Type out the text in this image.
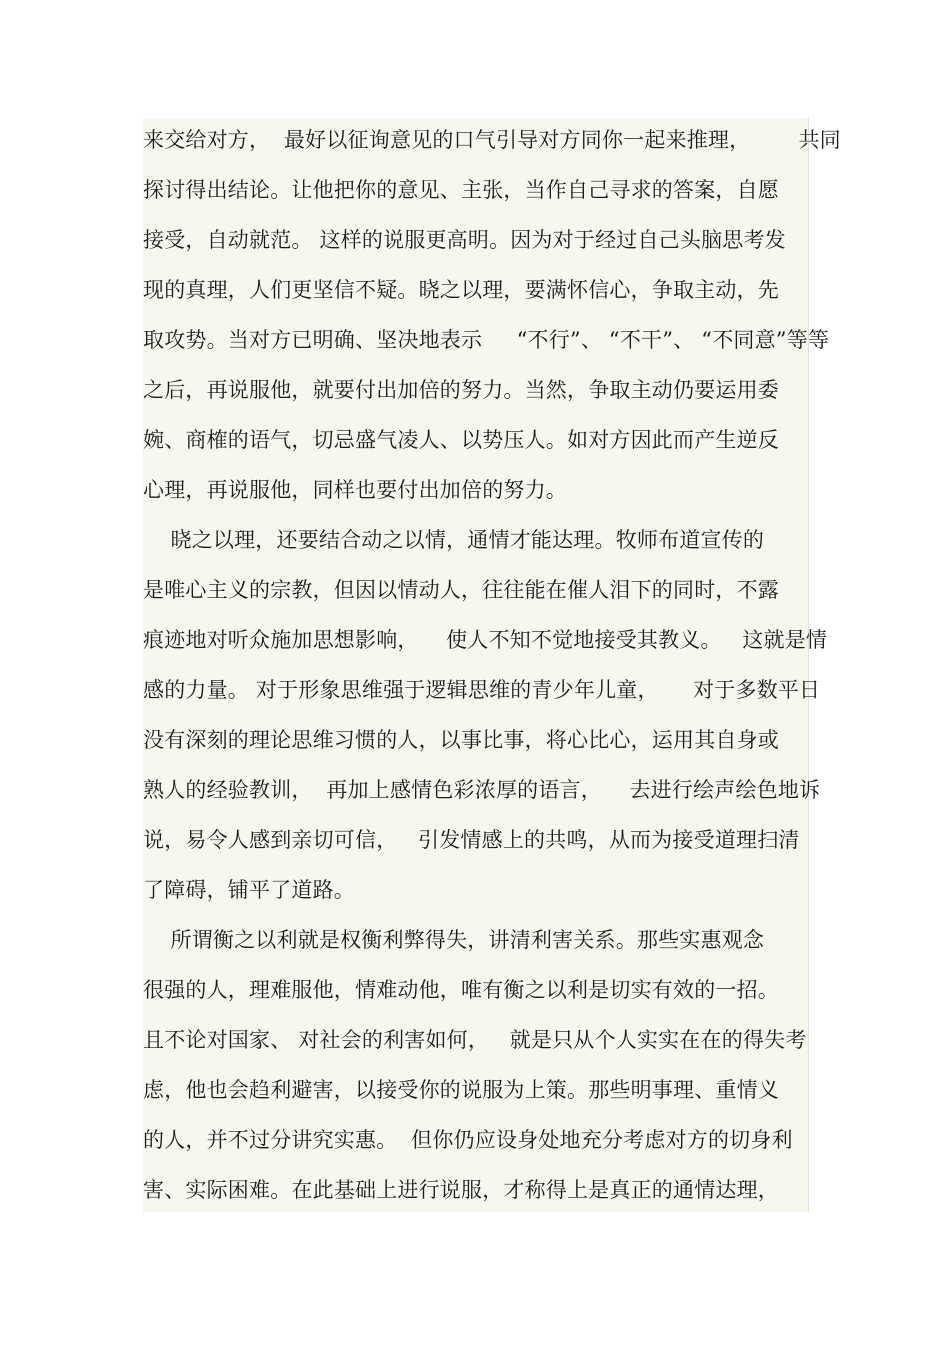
来交给对方，  最好以征询意见的口气引导对方同你一起来推理，       共同
探讨得出结论。让他把你的意见、主张，当作自己寻求的答案，自愿
接受，自动就范。 这样的说服更高明。因为对于经过自己头脑思考发
现的真理，人们更坚信不疑。晓之以理，要满怀信心，争取主动，先
取攻势。当对方已明确、坚决地表示     “不行”、 “不干”、 “不同意”等等
之后，再说服他，就要付出加倍的努力。当然，争取主动仍要运用委
婉、商榷的语气，切忌盛气凌人、以势压人。如对方因此而产生逆反
心理，再说服他，同样也要付出加倍的努力。
晓之以理，还要结合动之以情，通情才能达理。牧师布道宣传的
是唯心主义的宗教，但因以情动人，往往能在催人泪下的同时，不露
痕迹地对听众施加思想影响，    使人不知不觉地接受其教义。   这就是情
感的力量。 对于形象思维强于逻辑思维的青少年儿童，     对于多数平日
没有深刻的理论思维习惯的人，以事比事，将心比心，运用其自身或
熟人的经验教训，  再加上感情色彩浓厚的语言，    去进行绘声绘色地诉
说，易令人感到亲切可信，   引发情感上的共鸣，从而为接受道理扫清
了障碍，铺平了道路。
所谓衡之以利就是权衡利弊得失，讲清利害关系。那些实惠观念
很强的人，理难服他，情难动他，唯有衡之以利是切实有效的一招。
且不论对国家、 对社会的利害如何，   就是只从个人实实在在的得失考
虑，他也会趋利避害，以接受你的说服为上策。那些明事理、重情义
的人，并不过分讲究实惠。  但你仍应设身处地充分考虑对方的切身利
害、实际困难。在此基础上进行说服，才称得上是真正的通情达理，
